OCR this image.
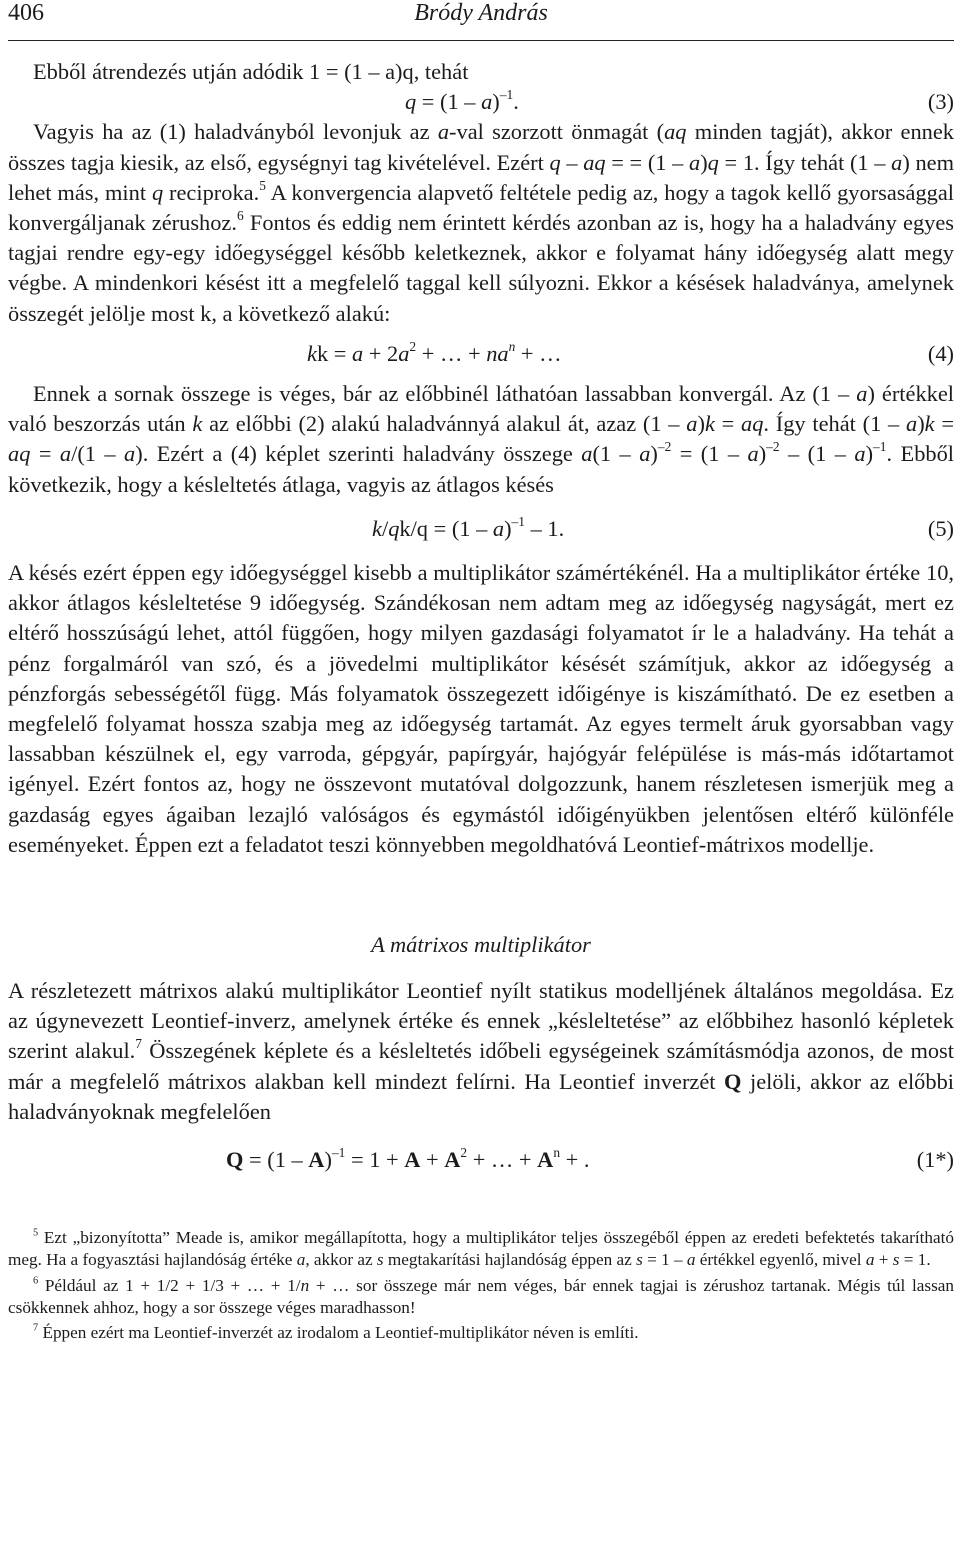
406	Bródy András

Ebből átrendezés utján adódik 1 = (1 – a)q, tehát

q = (1 – a)$^{-1}$.	(3)

Vagyis ha az (1) haladványból levonjuk az a-val szorzott önmagát (aq minden tagját), akkor ennek összes tagja kiesik, az első, egységnyi tag kivételével. Ezért q – aq = = (1 – a)q = 1. Így tehát (1 – a) nem lehet más, mint q reciproka.$^5$ A konvergencia alapvető feltétele pedig az, hogy a tagok kellő gyorsasággal konvergáljanak zérushoz.$^6$ Fontos és eddig nem érintett kérdés azonban az is, hogy ha a haladvány egyes tagjai rendre egy-egy időegységgel később keletkeznek, akkor e folyamat hány időegység alatt megy végbe. A mindenkori késést itt a megfelelő taggal kell súlyozni. Ekkor a késések haladványa, amelynek összegét jelölje most k, a következő alakú:

kk = $a + 2a^2$ + … + $na^n$ + …	(4)

Ennek a sornak összege is véges, bár az előbbinél láthatóan lassabban konvergál. Az (1 – a) értékkel való beszorzás után k az előbbi (2) alakú haladvánnyá alakul át, azaz (1 – a)k = aq. Így tehát (1 – a)k = aq = a/(1 – a). Ezért a (4) képlet szerinti haladvány összege a(1 – a)$^{-2}$ = (1 – a)$^{-2}$ – (1 – a)$^{-1}$. Ebből következik, hogy a késleltetés átlaga, vagyis az átlagos késés

k/qk/q = (1 – a)$^{-1}$ – 1.	(5)

A késés ezért éppen egy időegységgel kisebb a multiplikátor számértékénél. Ha a multiplikátor értéke 10, akkor átlagos késleltetése 9 időegység. Szándékosan nem adtam meg az időegység nagyságát, mert ez eltérő hosszúságú lehet, attól függően, hogy milyen gazdasági folyamatot ír le a haladvány. Ha tehát a pénz forgalmáról van szó, és a jövedelmi multiplikátor késését számítjuk, akkor az időegység a pénzforgás sebességétől függ. Más folyamatok összegezett időigénye is kiszámítható. De ez esetben a megfelelő folyamat hossza szabja meg az időegység tartamát. Az egyes termelt áruk gyorsabban vagy lassabban készülnek el, egy varroda, gépgyár, papírgyár, hajógyár felépülése is más-más időtartamot igényel. Ezért fontos az, hogy ne összevont mutatóval dolgozzunk, hanem részletesen ismerjük meg a gazdaság egyes ágaiban lezajló valóságos és egymástól időigényükben jelentősen eltérő különféle eseményeket. Éppen ezt a feladatot teszi könnyebben megoldhatóvá Leontief-mátrixos modellje.

A mátrixos multiplikátor

A részletezett mátrixos alakú multiplikátor Leontief nyílt statikus modelljének általános megoldása. Ez az úgynevezett Leontief-inverz, amelynek értéke és ennek „késleltetése” az előbbihez hasonló képletek szerint alakul.$^7$ Összegének képlete és a késleltetés időbeli egységeinek számításmódja azonos, de most már a megfelelő mátrixos alakban kell mindezt felírni. Ha Leontief inverzét Q jelöli, akkor az előbbi haladványoknak megfelelően

$Q = (1 - A)^{-1} = 1 + A + A^2$ + … + $A^n$ + .	(1*)

$^5$ Ezt „bizonyította” Meade is, amikor megállapította, hogy a multiplikátor teljes összegéből éppen az eredeti befektetés takarítható meg. Ha a fogyasztási hajlandóság értéke a, akkor az s megtakarítási hajlandóság éppen az s = 1 – a értékkel egyenlő, mivel a + s = 1.

$^6$ Például az 1 + 1/2 + 1/3 + … + 1/n + … sor összege már nem véges, bár ennek tagjai is zérushoz tartanak. Mégis túl lassan csökkennek ahhoz, hogy a sor összege véges maradhasson!

$^7$ Éppen ezért ma Leontief-inverzét az irodalom a Leontief-multiplikátor néven is említi.
